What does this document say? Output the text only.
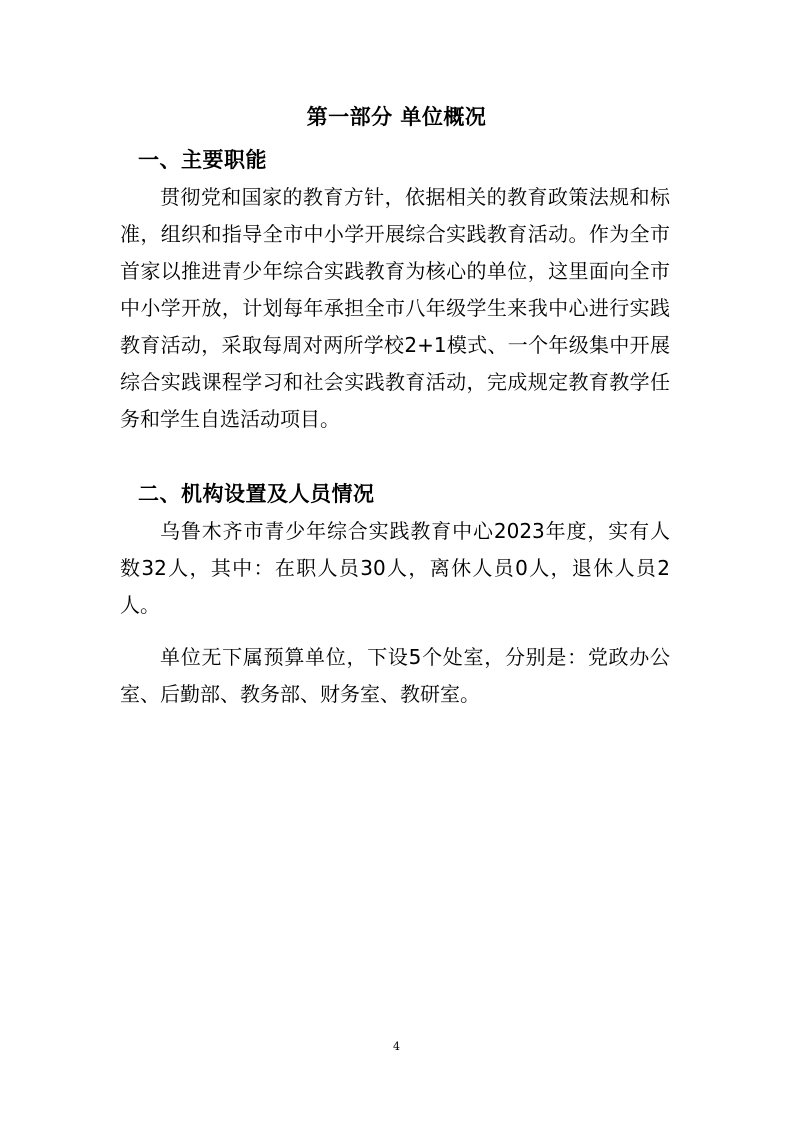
第一部分 单位概况
一、主要职能

贯彻党和国家的教育方针，依据相关的教育政策法规和标准，组织和指导全市中小学开展综合实践教育活动。作为全市首家以推进青少年综合实践教育为核心的单位，这里面向全市中小学开放，计划每年承担全市八年级学生来我中心进行实践教育活动，采取每周对两所学校2+1模式、一个年级集中开展综合实践课程学习和社会实践教育活动，完成规定教育教学任务和学生自选活动项目。

二、机构设置及人员情况

乌鲁木齐市青少年综合实践教育中心2023年度，实有人数32人，其中：在职人员30人，离休人员0人，退休人员2人。

单位无下属预算单位，下设5个处室，分别是：党政办公室、后勤部、教务部、财务室、教研室。

4
